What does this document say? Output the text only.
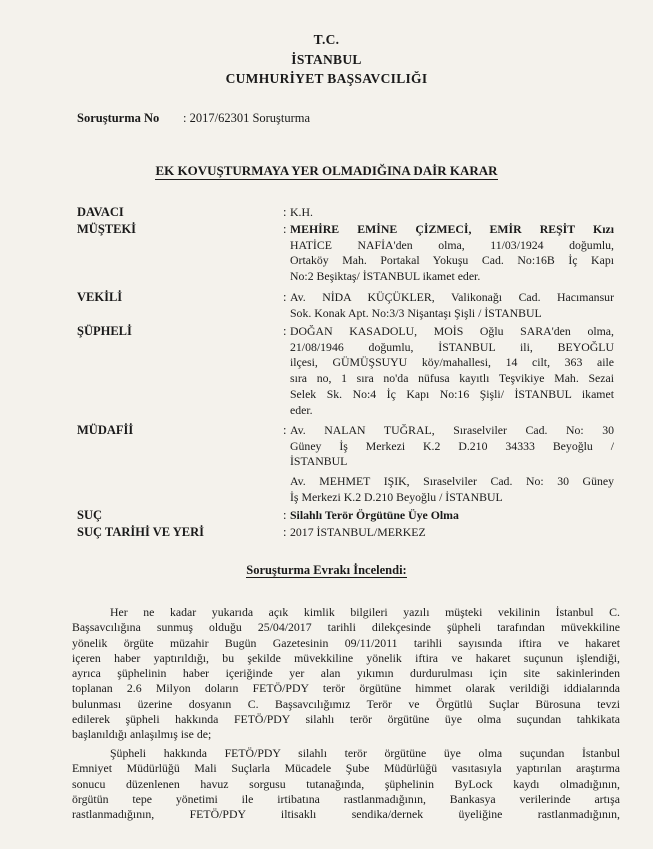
T.C.
İSTANBUL
CUMHURİYET BAŞSAVCILIĞI
Soruşturma No : 2017/62301 Soruşturma
EK KOVUŞTURMAYA YER OLMADIĞINA DAİR KARAR
DAVACI	: K.H.
MÜŞTEKİ	: MEHİRE EMİNE ÇİZMECİ, EMİR REŞİT Kızı
HATİCE NAFİA'den olma, 11/03/1924 doğumlu,
Ortaköy Mah. Portakal Yokuşu Cad. No:16B İç Kapı
No:2 Beşiktaş/ İSTANBUL ikamet eder.
VEKİLİ	: Av. NİDA KÜÇÜKLER, Valikonağı Cad. Hacımansur
Sok. Konak Apt. No:3/3 Nişantaşı Şişli / İSTANBUL
ŞÜPHELİ	: DOĞAN KASADOLU, MOİS Oğlu SARA'den olma,
21/08/1946 doğumlu, İSTANBUL ili, BEYOĞLU
ilçesi, GÜMÜŞSUYU köy/mahallesi, 14 cilt, 363 aile
sıra no, 1 sıra no'da nüfusa kayıtlı Teşvikiye Mah. Sezai
Selek Sk. No:4 İç Kapı No:16 Şişli/ İSTANBUL ikamet
eder.
MÜDAFİİ	: Av. NALAN TUĞRAL, Sıraselviler Cad. No: 30
Güney İş Merkezi K.2 D.210 34333 Beyoğlu /
İSTANBUL
Av. MEHMET IŞIK, Sıraselviler Cad. No: 30 Güney
İş Merkezi K.2 D.210 Beyoğlu / İSTANBUL
SUÇ	: Silahlı Terör Örgütüne Üye Olma
SUÇ TARİHİ VE YERİ	: 2017 İSTANBUL/MERKEZ
Soruşturma Evrakı İncelendi:
Her ne kadar yukarıda açık kimlik bilgileri yazılı müşteki vekilinin İstanbul C.
Başsavcılığına sunmuş olduğu 25/04/2017 tarihli dilekçesinde şüpheli tarafından müvekkiline
yönelik örgüte müzahir Bugün Gazetesinin 09/11/2011 tarihli sayısında iftira ve hakaret
içeren haber yaptırıldığı, bu şekilde müvekkiline yönelik iftira ve hakaret suçunun işlendiği,
ayrıca şüphelinin haber içeriğinde yer alan yıkımın durdurulması için site sakinlerinden
toplanan 2.6 Milyon doların FETÖ/PDY terör örgütüne himmet olarak verildiği iddialarında
bulunması üzerine dosyanın C. Başsavcılığımız Terör ve Örgütlü Suçlar Bürosuna tevzi
edilerek şüpheli hakkında FETÖ/PDY silahlı terör örgütüne üye olma suçundan tahkikata
başlanıldığı anlaşılmış ise de;
Şüpheli hakkında FETÖ/PDY silahlı terör örgütüne üye olma suçundan İstanbul
Emniyet Müdürlüğü Mali Suçlarla Mücadele Şube Müdürlüğü vasıtasıyla yaptırılan araştırma
sonucu düzenlenen havuz sorgusu tutanağında, şüphelinin ByLock kaydı olmadığının,
örgütün tepe yönetimi ile irtibatına rastlanmadığının, Bankasya verilerinde artışa
rastlanmadığının, FETÖ/PDY iltisaklı sendika/dernek üyeliğine rastlanmadığının,
